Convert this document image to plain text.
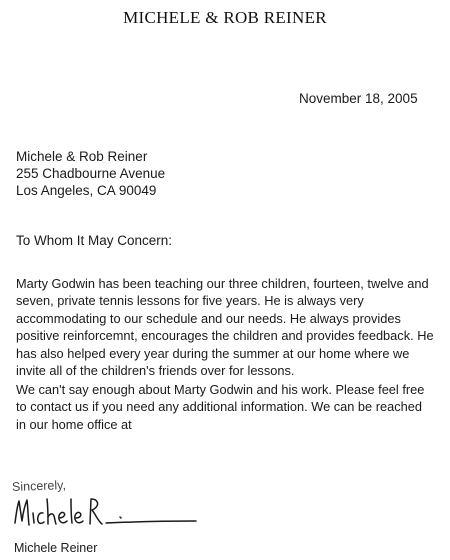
MICHELE & ROB REINER
November 18, 2005
Michele & Rob Reiner
255 Chadbourne Avenue
Los Angeles, CA 90049
To Whom It May Concern:
Marty Godwin has been teaching our three children, fourteen, twelve and
seven, private tennis lessons for five years. He is always very
accommodating to our schedule and our needs. He always provides
positive reinforcemnt, encourages the children and provides feedback. He
has also helped every year during the summer at our home where we
invite all of the children's friends over for lessons.
We can't say enough about Marty Godwin and his work. Please feel free
to contact us if you need any additional information. We can be reached
in our home office at
Sincerely,
Michele Reiner
